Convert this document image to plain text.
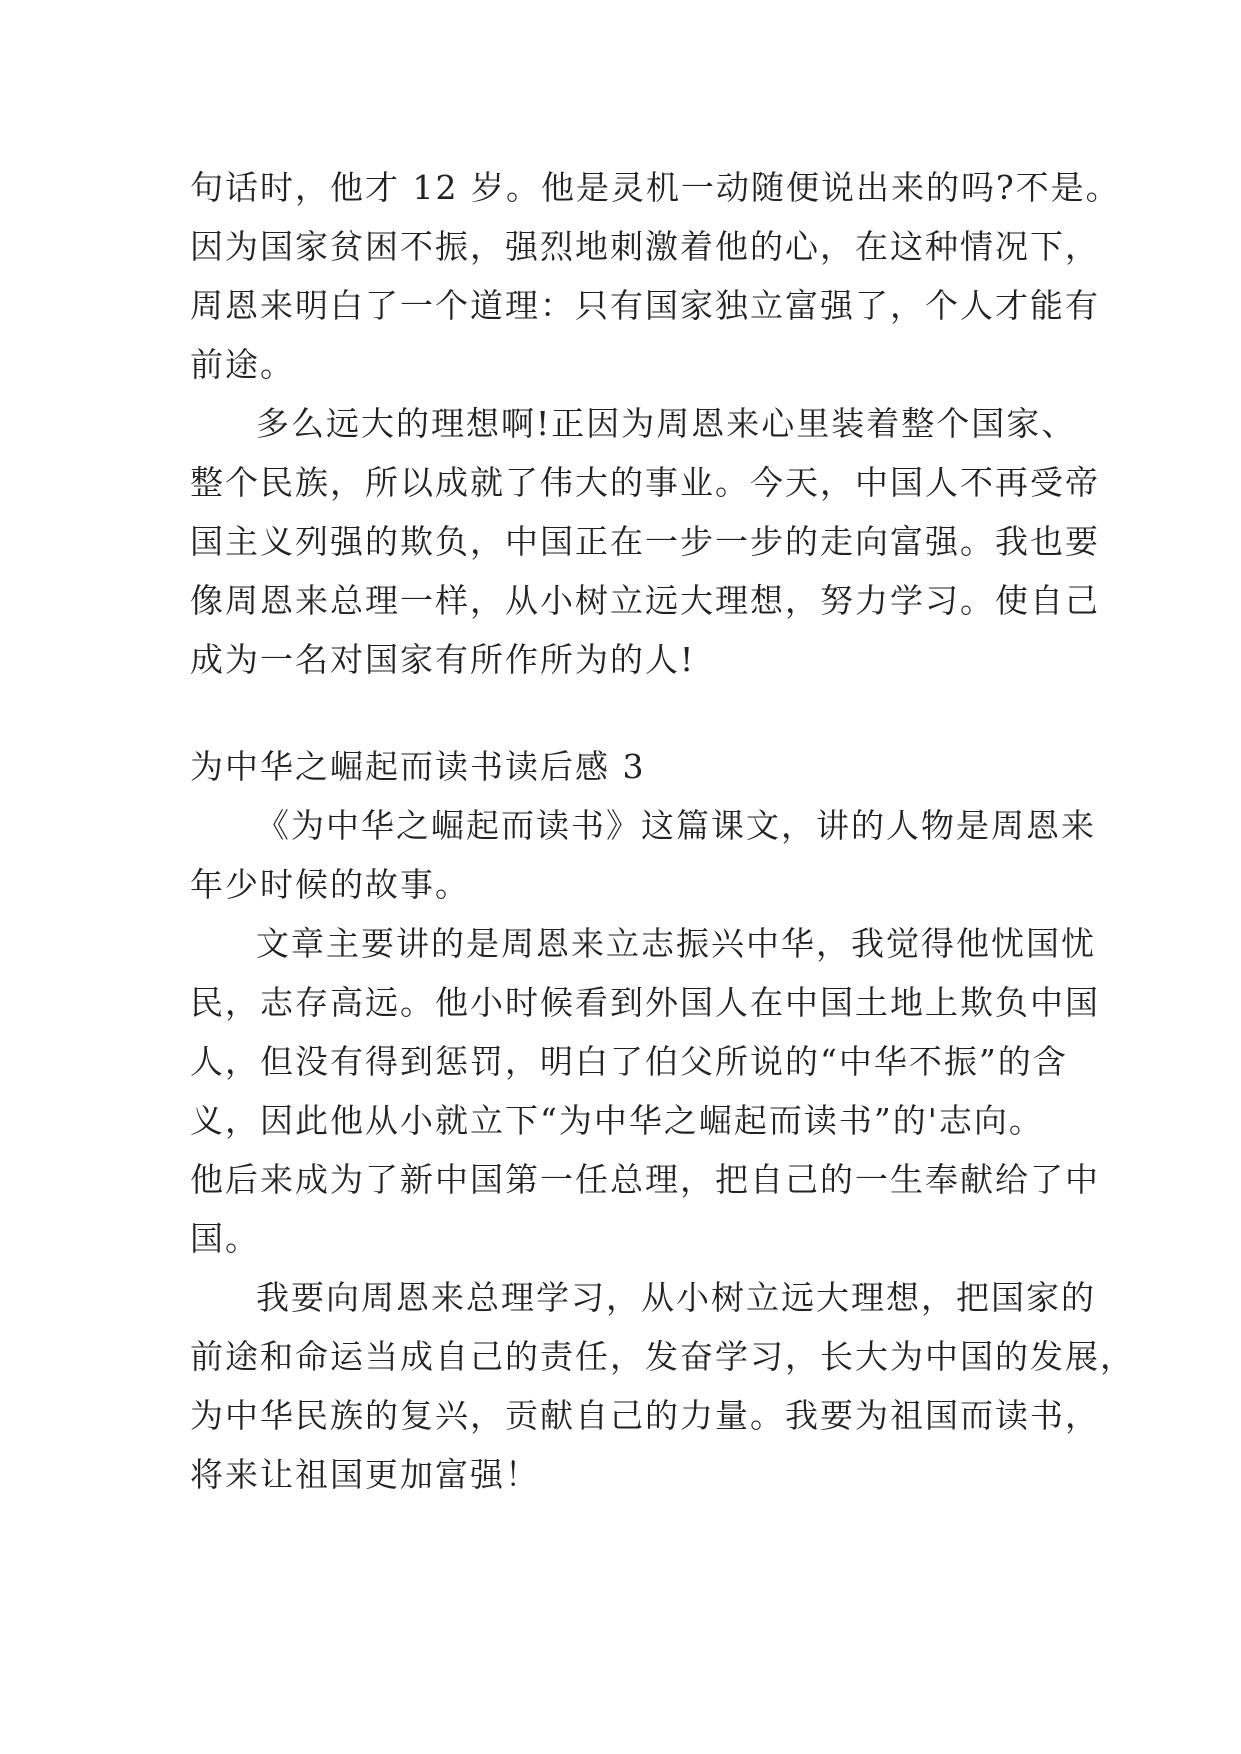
句话时，他才 12 岁。他是灵机一动随便说出来的吗?不是。
因为国家贫困不振，强烈地刺激着他的心，在这种情况下，
周恩来明白了一个道理：只有国家独立富强了，个人才能有
前途。

多么远大的理想啊!正因为周恩来心里装着整个国家、
整个民族，所以成就了伟大的事业。今天，中国人不再受帝
国主义列强的欺负，中国正在一步一步的走向富强。我也要
像周恩来总理一样，从小树立远大理想，努力学习。使自己
成为一名对国家有所作所为的人!

为中华之崛起而读书读后感 3

《为中华之崛起而读书》这篇课文，讲的人物是周恩来
年少时候的故事。

文章主要讲的是周恩来立志振兴中华，我觉得他忧国忧
民，志存高远。他小时候看到外国人在中国土地上欺负中国
人，但没有得到惩罚，明白了伯父所说的“中华不振”的含
义，因此他从小就立下“为中华之崛起而读书”的'志向。
他后来成为了新中国第一任总理，把自己的一生奉献给了中
国。

我要向周恩来总理学习，从小树立远大理想，把国家的
前途和命运当成自己的责任，发奋学习，长大为中国的发展，
为中华民族的复兴，贡献自己的力量。我要为祖国而读书，
将来让祖国更加富强！
